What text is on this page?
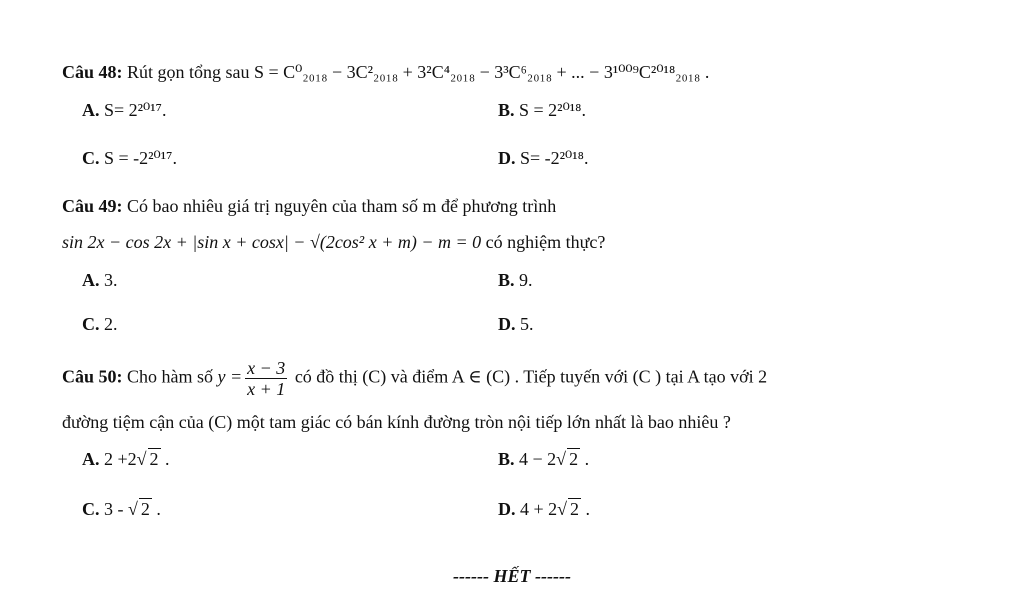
Câu 48: Rút gọn tổng sau S = C⁰₂₀₁₈ − 3C²₂₀₁₈ + 3²C⁴₂₀₁₈ − 3³C⁶₂₀₁₈ + ... − 3¹⁰⁰⁹C²⁰¹⁸₂₀₁₈ .
A. S= 2²⁰¹⁷.	B. S = 2²⁰¹⁸.
C. S = -2²⁰¹⁷.	D. S= -2²⁰¹⁸.
Câu 49: Có bao nhiêu giá trị nguyên của tham số m để phương trình
sin 2x − cos 2x + |sin x + cosx| − √(2cos² x + m) − m = 0 có nghiệm thực?
A. 3.	B. 9.
C. 2.	D. 5.
Câu 50: Cho hàm số $y = \frac{x - 3}{x + 1}$ có đồ thị (C) và điểm A ∈ (C) . Tiếp tuyến với (C ) tại A tạo với 2
đường tiệm cận của (C) một tam giác có bán kính đường tròn nội tiếp lớn nhất là bao nhiêu ?
A. 2 +2√ 2 .	B. 4 − 2√ 2 .
C. 3 - √ 2 .	D. 4 + 2√ 2 .
------ HẾT ------
